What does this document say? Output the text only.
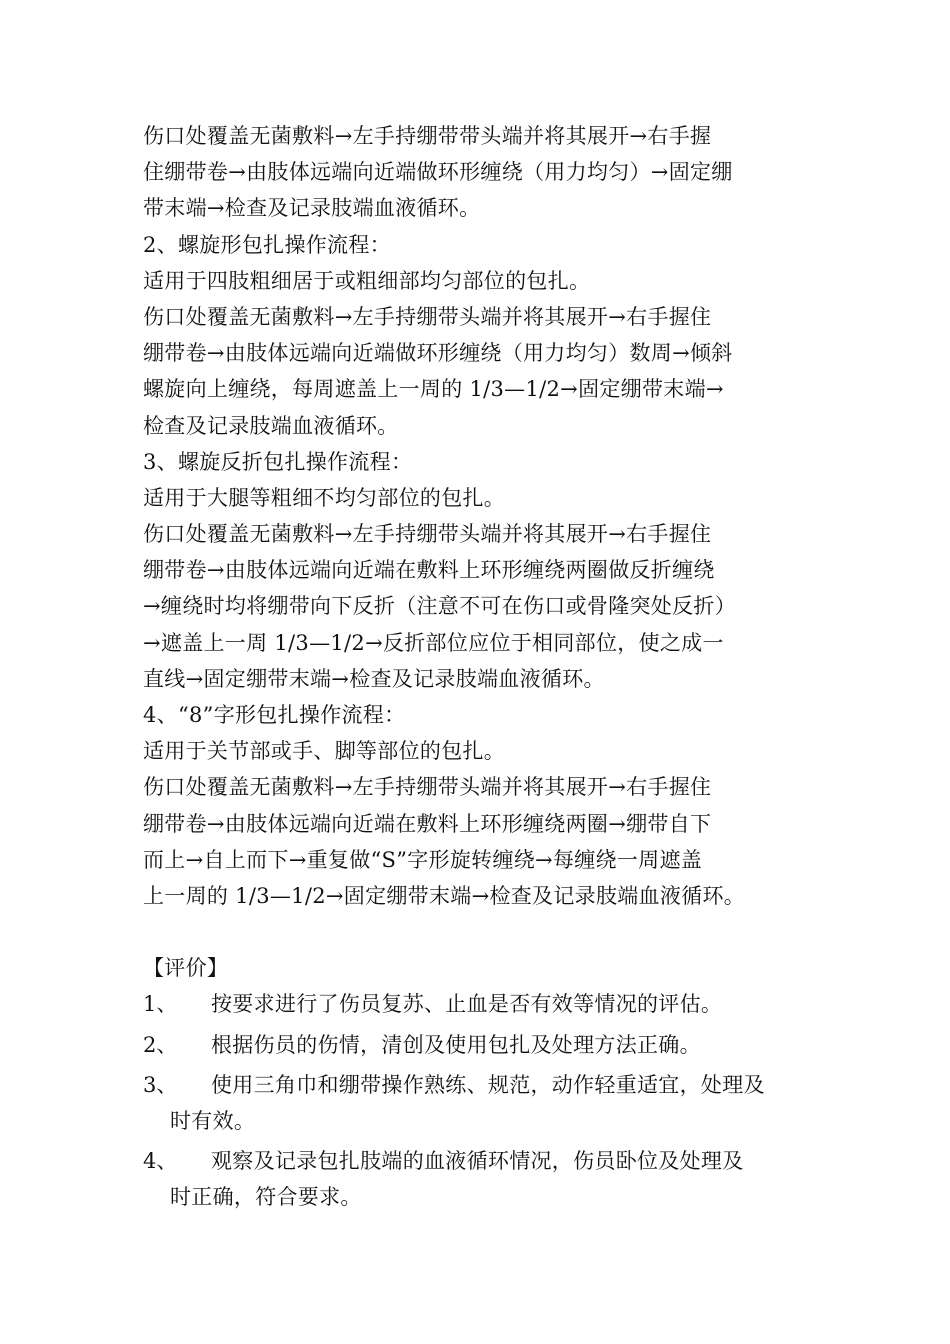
伤口处覆盖无菌敷料→左手持绷带带头端并将其展开→右手握
住绷带卷→由肢体远端向近端做环形缠绕（用力均匀）→固定绷
带末端→检查及记录肢端血液循环。
2、螺旋形包扎操作流程：
适用于四肢粗细居于或粗细部均匀部位的包扎。
伤口处覆盖无菌敷料→左手持绷带头端并将其展开→右手握住
绷带卷→由肢体远端向近端做环形缠绕（用力均匀）数周→倾斜
螺旋向上缠绕，每周遮盖上一周的 1/3—1/2→固定绷带末端→
检查及记录肢端血液循环。
3、螺旋反折包扎操作流程：
适用于大腿等粗细不均匀部位的包扎。
伤口处覆盖无菌敷料→左手持绷带头端并将其展开→右手握住
绷带卷→由肢体远端向近端在敷料上环形缠绕两圈做反折缠绕
→缠绕时均将绷带向下反折（注意不可在伤口或骨隆突处反折）
→遮盖上一周 1/3—1/2→反折部位应位于相同部位，使之成一
直线→固定绷带末端→检查及记录肢端血液循环。
4、“8”字形包扎操作流程：
适用于关节部或手、脚等部位的包扎。
伤口处覆盖无菌敷料→左手持绷带头端并将其展开→右手握住
绷带卷→由肢体远端向近端在敷料上环形缠绕两圈→绷带自下
而上→自上而下→重复做“S”字形旋转缠绕→每缠绕一周遮盖
上一周的 1/3—1/2→固定绷带末端→检查及记录肢端血液循环。
【评价】
1、	按要求进行了伤员复苏、止血是否有效等情况的评估。
2、	根据伤员的伤情，清创及使用包扎及处理方法正确。
3、	使用三角巾和绷带操作熟练、规范，动作轻重适宜，处理及
时有效。
4、	观察及记录包扎肢端的血液循环情况，伤员卧位及处理及
时正确，符合要求。
